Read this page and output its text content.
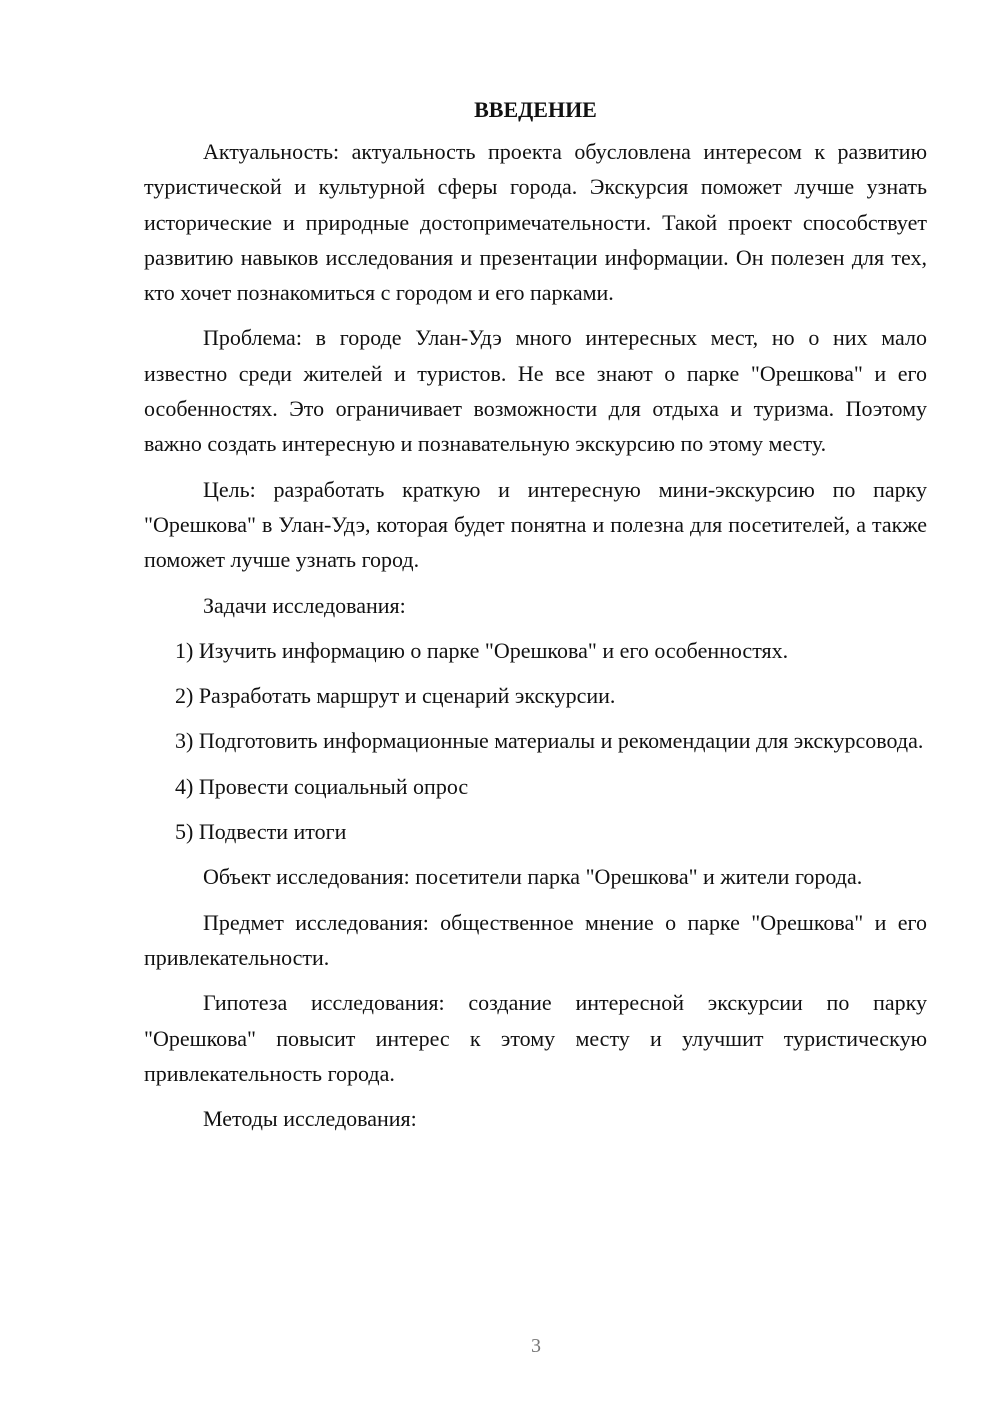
ВВЕДЕНИЕ

Актуальность: актуальность проекта обусловлена интересом к развитию туристической и культурной сферы города. Экскурсия поможет лучше узнать исторические и природные достопримечательности. Такой проект способствует развитию навыков исследования и презентации информации. Он полезен для тех, кто хочет познакомиться с городом и его парками.

Проблема: в городе Улан-Удэ много интересных мест, но о них мало известно среди жителей и туристов. Не все знают о парке "Орешкова" и его особенностях. Это ограничивает возможности для отдыха и туризма. Поэтому важно создать интересную и познавательную экскурсию по этому месту.

Цель: разработать краткую и интересную мини-экскурсию по парку "Орешкова" в Улан-Удэ, которая будет понятна и полезна для посетителей, а также поможет лучше узнать город.

Задачи исследования:

1) Изучить информацию о парке "Орешкова" и его особенностях.

2) Разработать маршрут и сценарий экскурсии.

3) Подготовить информационные материалы и рекомендации для экскурсовода.

4) Провести социальный опрос

5) Подвести итоги

Объект исследования: посетители парка "Орешкова" и жители города.

Предмет исследования: общественное мнение о парке "Орешкова" и его привлекательности.

Гипотеза исследования: создание интересной экскурсии по парку "Орешкова" повысит интерес к этому месту и улучшит туристическую привлекательность города.

Методы исследования:

3
